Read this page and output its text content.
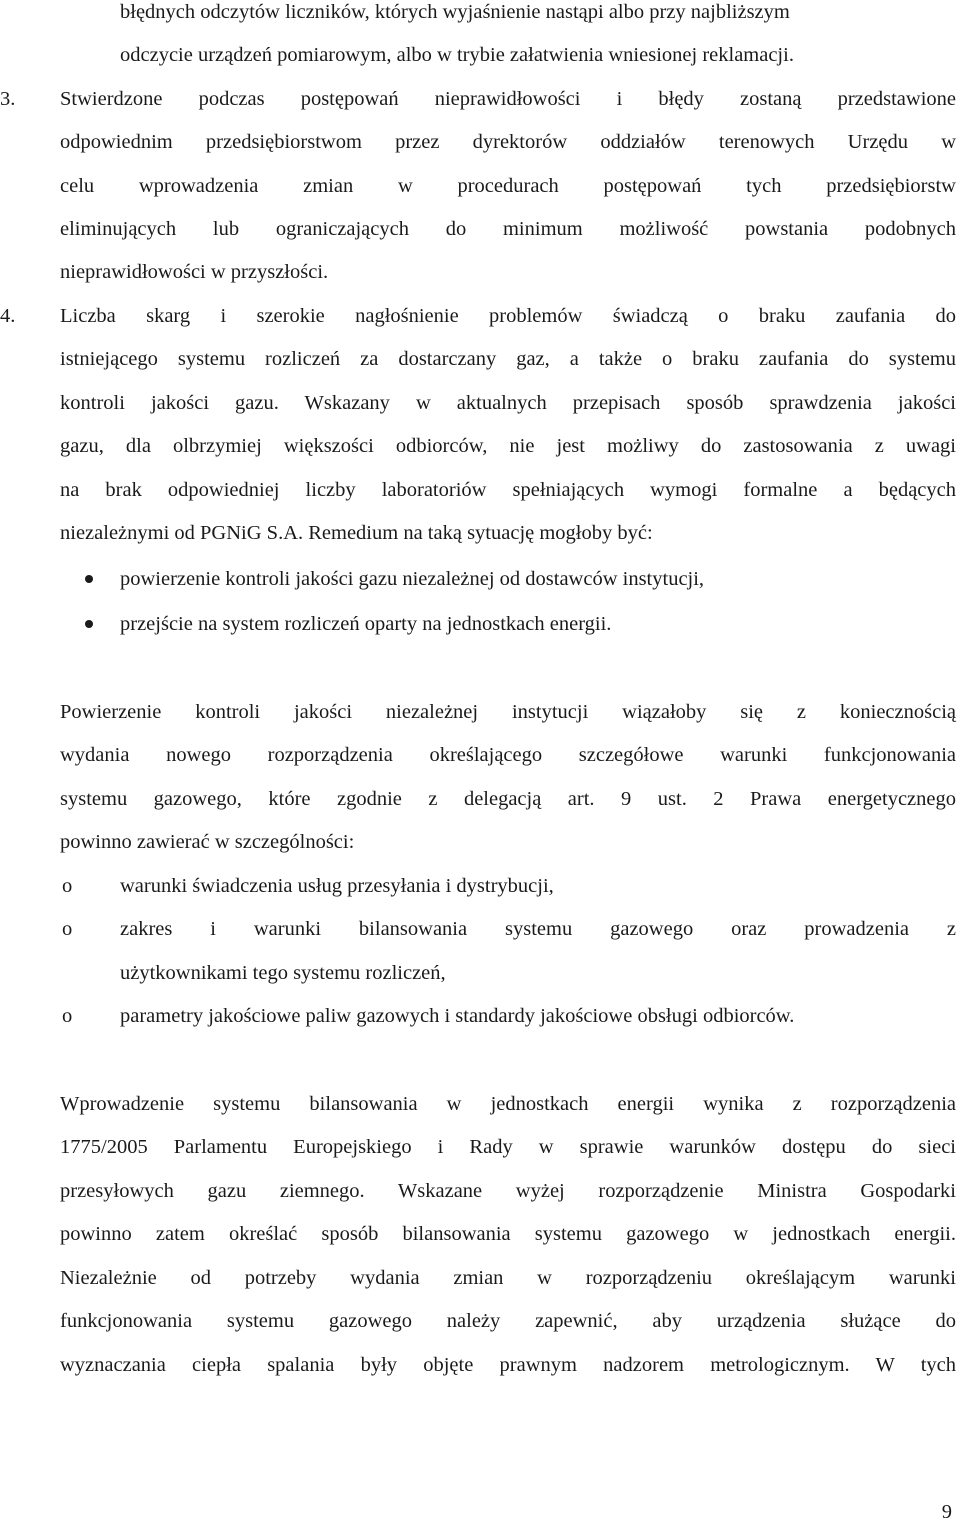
błędnych odczytów liczników, których wyjaśnienie nastąpi albo przy najbliższym
odczycie urządzeń pomiarowym, albo w trybie załatwienia wniesionej reklamacji.
3. Stwierdzone podczas postępowań nieprawidłowości i błędy zostaną przedstawione
odpowiednim przedsiębiorstwom przez dyrektorów oddziałów terenowych Urzędu w
celu wprowadzenia zmian w procedurach postępowań tych przedsiębiorstw
eliminujących lub ograniczających do minimum możliwość powstania podobnych
nieprawidłowości w przyszłości.
4. Liczba skarg i szerokie nagłośnienie problemów świadczą o braku zaufania do
istniejącego systemu rozliczeń za dostarczany gaz, a także o braku zaufania do systemu
kontroli jakości gazu. Wskazany w aktualnych przepisach sposób sprawdzenia jakości
gazu, dla olbrzymiej większości odbiorców, nie jest możliwy do zastosowania z uwagi
na brak odpowiedniej liczby laboratoriów spełniających wymogi formalne a będących
niezależnymi od PGNiG S.A. Remedium na taką sytuację mogłoby być:
powierzenie kontroli jakości gazu niezależnej od dostawców instytucji,
przejście na system rozliczeń oparty na jednostkach energii.
Powierzenie kontroli jakości niezależnej instytucji wiązałoby się z koniecznością
wydania nowego rozporządzenia określającego szczegółowe warunki funkcjonowania
systemu gazowego, które zgodnie z delegacją art. 9 ust. 2 Prawa energetycznego
powinno zawierać w szczególności:
o warunki świadczenia usług przesyłania i dystrybucji,
o zakres i warunki bilansowania systemu gazowego oraz prowadzenia z
użytkownikami tego systemu rozliczeń,
o parametry jakościowe paliw gazowych i standardy jakościowe obsługi odbiorców.
Wprowadzenie systemu bilansowania w jednostkach energii wynika z rozporządzenia
1775/2005 Parlamentu Europejskiego i Rady w sprawie warunków dostępu do sieci
przesyłowych gazu ziemnego. Wskazane wyżej rozporządzenie Ministra Gospodarki
powinno zatem określać sposób bilansowania systemu gazowego w jednostkach energii.
Niezależnie od potrzeby wydania zmian w rozporządzeniu określającym warunki
funkcjonowania systemu gazowego należy zapewnić, aby urządzenia służące do
wyznaczania ciepła spalania były objęte prawnym nadzorem metrologicznym. W tych
9
